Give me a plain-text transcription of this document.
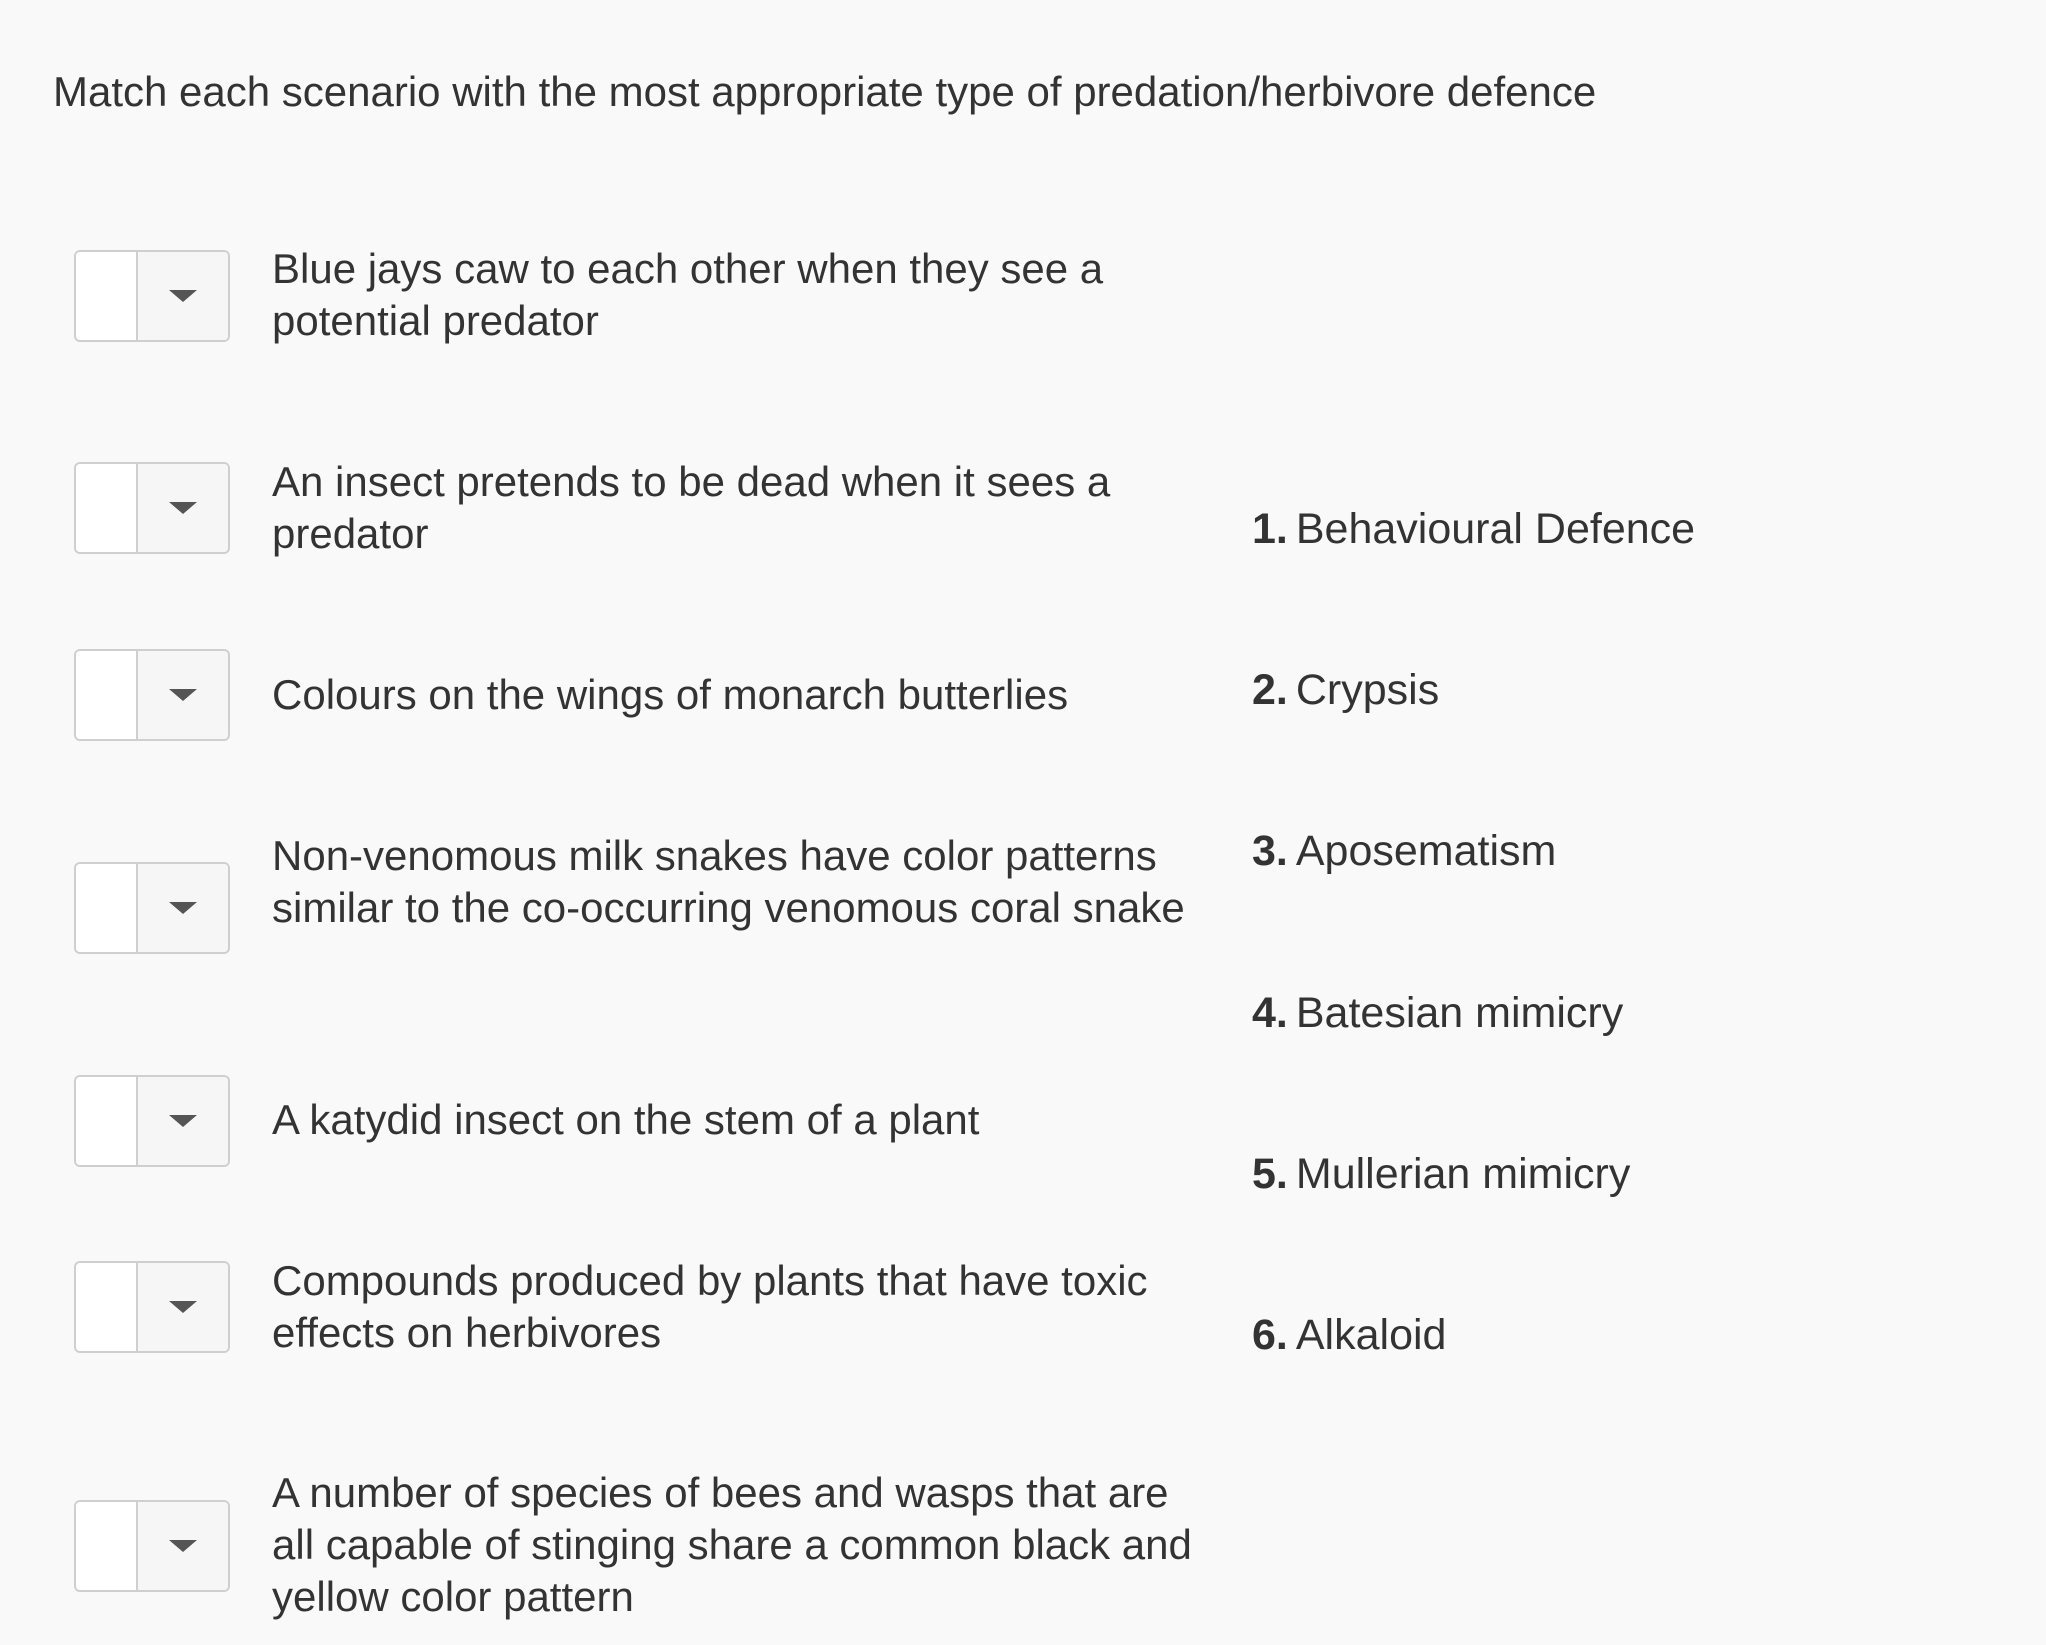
Match each scenario with the most appropriate type of predation/herbivore defence

Blue jays caw to each other when they see a potential predator
An insect pretends to be dead when it sees a predator
Colours on the wings of monarch butterlies
Non-venomous milk snakes have color patterns similar to the co-occurring venomous coral snake
A katydid insect on the stem of a plant
Compounds produced by plants that have toxic effects on herbivores
A number of species of bees and wasps that are all capable of stinging share a common black and yellow color pattern
1. Behavioural Defence
2. Crypsis
3. Aposematism
4. Batesian mimicry
5. Mullerian mimicry
6. Alkaloid
